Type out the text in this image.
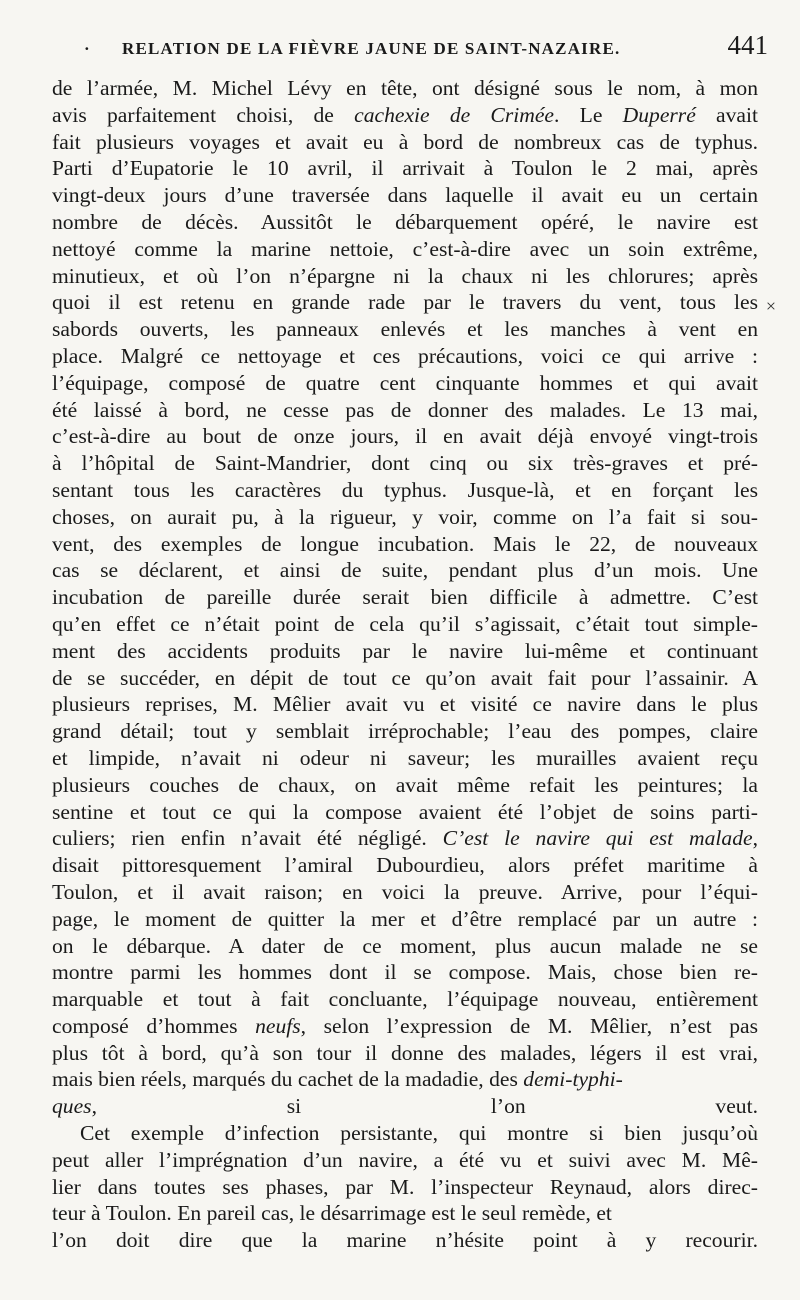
·	RELATION DE LA FIÈVRE JAUNE DE SAINT-NAZAIRE.	441
de l’armée, M. Michel Lévy en tête, ont désigné sous le nom, à mon
avis parfaitement choisi, de cachexie de Crimée. Le Duperré avait
fait plusieurs voyages et avait eu à bord de nombreux cas de typhus.
Parti d’Eupatorie le 10 avril, il arrivait à Toulon le 2 mai, après
vingt-deux jours d’une traversée dans laquelle il avait eu un certain
nombre de décès. Aussitôt le débarquement opéré, le navire est
nettoyé comme la marine nettoie, c’est-à-dire avec un soin extrême,
minutieux, et où l’on n’épargne ni la chaux ni les chlorures; après
quoi il est retenu en grande rade par le travers du vent, tous les
sabords ouverts, les panneaux enlevés et les manches à vent en
place. Malgré ce nettoyage et ces précautions, voici ce qui arrive :
l’équipage, composé de quatre cent cinquante hommes et qui avait
été laissé à bord, ne cesse pas de donner des malades. Le 13 mai,
c’est-à-dire au bout de onze jours, il en avait déjà envoyé vingt-trois
à l’hôpital de Saint-Mandrier, dont cinq ou six très-graves et pré-
sentant tous les caractères du typhus. Jusque-là, et en forçant les
choses, on aurait pu, à la rigueur, y voir, comme on l’a fait si sou-
vent, des exemples de longue incubation. Mais le 22, de nouveaux
cas se déclarent, et ainsi de suite, pendant plus d’un mois. Une
incubation de pareille durée serait bien difficile à admettre. C’est
qu’en effet ce n’était point de cela qu’il s’agissait, c’était tout simple-
ment des accidents produits par le navire lui-même et continuant
de se succéder, en dépit de tout ce qu’on avait fait pour l’assainir. A
plusieurs reprises, M. Mêlier avait vu et visité ce navire dans le plus
grand détail; tout y semblait irréprochable; l’eau des pompes, claire
et limpide, n’avait ni odeur ni saveur; les murailles avaient reçu
plusieurs couches de chaux, on avait même refait les peintures; la
sentine et tout ce qui la compose avaient été l’objet de soins parti-
culiers; rien enfin n’avait été négligé. C’est le navire qui est malade,
disait pittoresquement l’amiral Dubourdieu, alors préfet maritime à
Toulon, et il avait raison; en voici la preuve. Arrive, pour l’équi-
page, le moment de quitter la mer et d’être remplacé par un autre :
on le débarque. A dater de ce moment, plus aucun malade ne se
montre parmi les hommes dont il se compose. Mais, chose bien re-
marquable et tout à fait concluante, l’équipage nouveau, entièrement
composé d’hommes neufs, selon l’expression de M. Mêlier, n’est pas
plus tôt à bord, qu’à son tour il donne des malades, légers il est vrai,
mais bien réels, marqués du cachet de la madadie, des demi-typhi-
ques, si l’on veut.
Cet exemple d’infection persistante, qui montre si bien jusqu’où
peut aller l’imprégnation d’un navire, a été vu et suivi avec M. Mê-
lier dans toutes ses phases, par M. l’inspecteur Reynaud, alors direc-
teur à Toulon. En pareil cas, le désarrimage est le seul remède, et
l’on doit dire que la marine n’hésite point à y recourir.
×
